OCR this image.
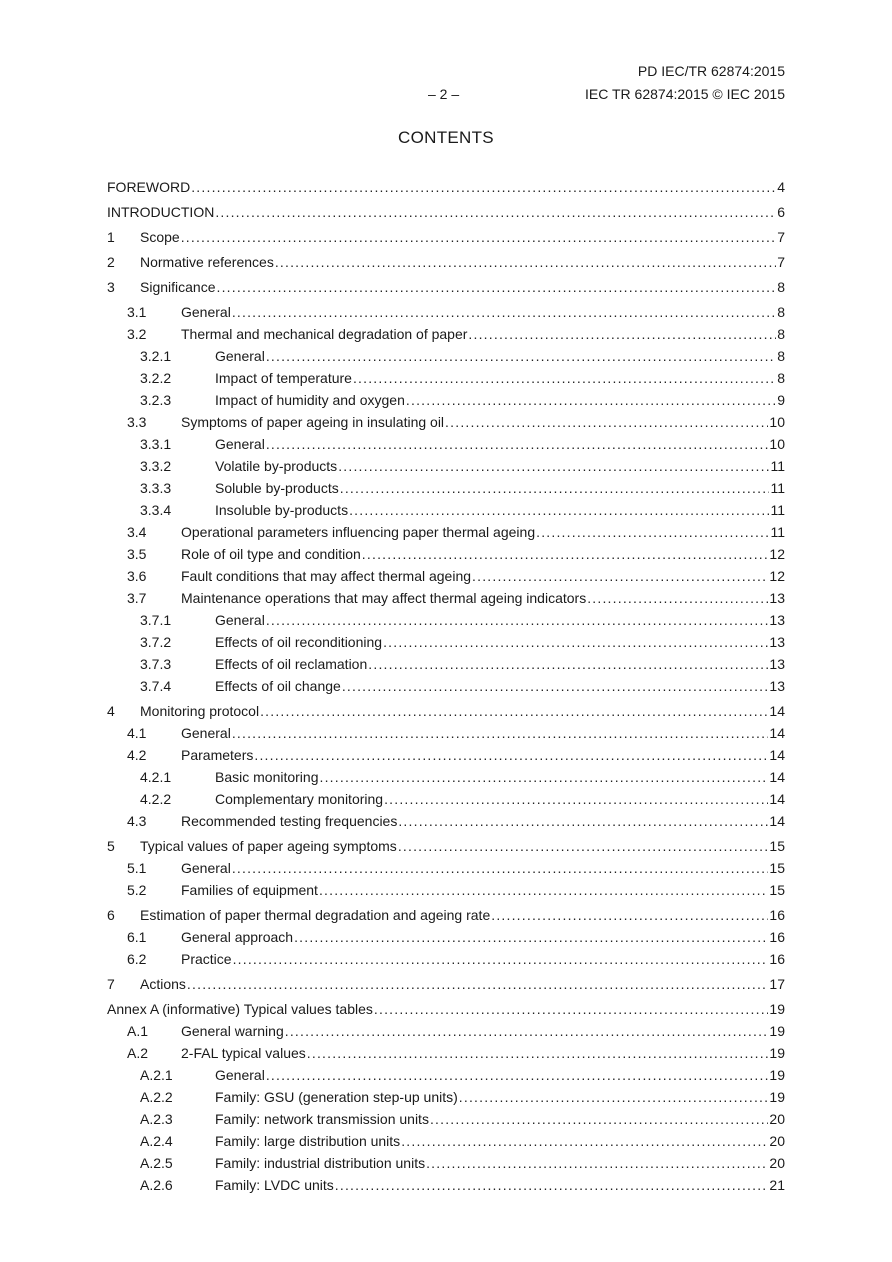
PD IEC/TR 62874:2015
– 2 –	IEC TR 62874:2015 © IEC 2015
CONTENTS
FOREWORD .....	4
INTRODUCTION .....	6
1	Scope .....	7
2	Normative references .....	7
3	Significance .....	8
3.1	General .....	8
3.2	Thermal and mechanical degradation of paper .....	8
3.2.1	General .....	8
3.2.2	Impact of temperature .....	8
3.2.3	Impact of humidity and oxygen .....	9
3.3	Symptoms of paper ageing in insulating oil .....	10
3.3.1	General .....	10
3.3.2	Volatile by-products .....	11
3.3.3	Soluble by-products .....	11
3.3.4	Insoluble by-products .....	11
3.4	Operational parameters influencing paper thermal ageing .....	11
3.5	Role of oil type and condition .....	12
3.6	Fault conditions that may affect thermal ageing .....	12
3.7	Maintenance operations that may affect thermal ageing indicators .....	13
3.7.1	General .....	13
3.7.2	Effects of oil reconditioning .....	13
3.7.3	Effects of oil reclamation .....	13
3.7.4	Effects of oil change .....	13
4	Monitoring protocol .....	14
4.1	General .....	14
4.2	Parameters .....	14
4.2.1	Basic monitoring .....	14
4.2.2	Complementary monitoring .....	14
4.3	Recommended testing frequencies .....	14
5	Typical values of paper ageing symptoms .....	15
5.1	General .....	15
5.2	Families of equipment .....	15
6	Estimation of paper thermal degradation and ageing rate .....	16
6.1	General approach .....	16
6.2	Practice .....	16
7	Actions .....	17
Annex A (informative) Typical values tables .....	19
A.1	General warning .....	19
A.2	2-FAL typical values .....	19
A.2.1	General .....	19
A.2.2	Family: GSU (generation step-up units) .....	19
A.2.3	Family: network transmission units .....	20
A.2.4	Family: large distribution units .....	20
A.2.5	Family: industrial distribution units .....	20
A.2.6	Family: LVDC units .....	21
